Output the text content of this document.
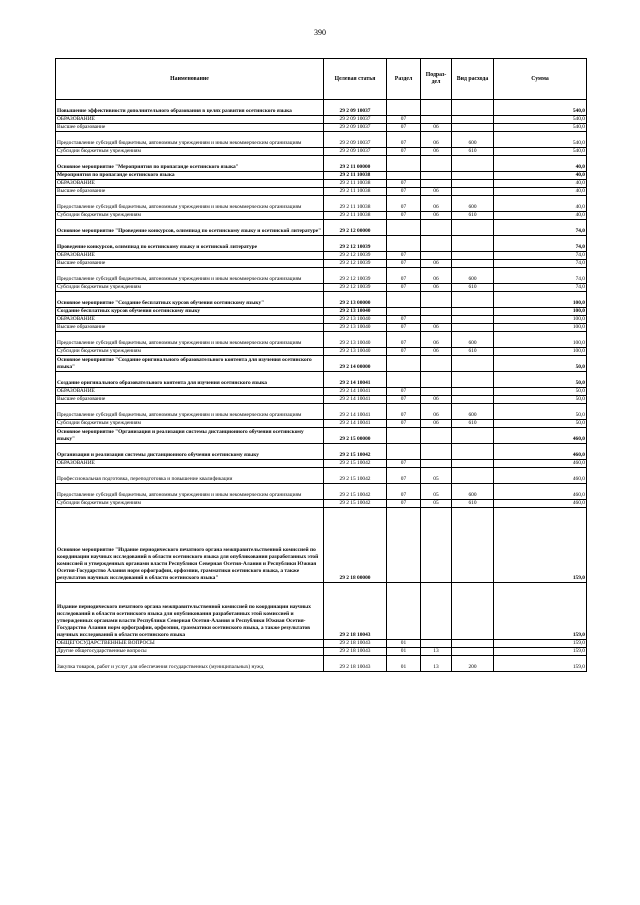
390
Наименование	Целевая статья	Раздел	Подраз-дел	Вид расхода	Сумма
Повышение эффективности дополнительного образования в целях развития осетинского языка	29 2 09 10037				540,0
ОБРАЗОВАНИЕ	29 2 09 10037	07			540,0
Высшее образование	29 2 09 10037	07	06		540,0
Предоставление субсидий бюджетным, автономным учреждениям и иным некоммерческим организациям	29 2 09 10037	07	06	600	540,0
Субсидии бюджетным учреждениям	29 2 09 10037	07	06	610	540,0
Основное мероприятие "Мероприятия по пропаганде осетинского языка"	29 2 11 00000				40,0
Мероприятия по пропаганде осетинского языка	29 2 11 10038				40,0
ОБРАЗОВАНИЕ	29 2 11 10038	07			40,0
Высшее образование	29 2 11 10038	07	06		40,0
Предоставление субсидий бюджетным, автономным учреждениям и иным некоммерческим организациям	29 2 11 10038	07	06	600	40,0
Субсидии бюджетным учреждениям	29 2 11 10038	07	06	610	40,0
Основное мероприятие "Проведение конкурсов, олимпиад по осетинскому языку и осетинской литературе"	29 2 12 00000				74,0
Проведение конкурсов, олимпиад по осетинскому языку и осетинской литературе	29 2 12 10039				74,0
ОБРАЗОВАНИЕ	29 2 12 10039	07			74,0
Высшее образование	29 2 12 10039	07	06		74,0
Предоставление субсидий бюджетным, автономным учреждениям и иным некоммерческим организациям	29 2 12 10039	07	06	600	74,0
Субсидии бюджетным учреждениям	29 2 12 10039	07	06	610	74,0
Основное мероприятие "Создание бесплатных курсов обучения осетинскому языку"	29 2 13 00000				100,0
Создание бесплатных курсов обучения осетинскому языку	29 2 13 10040				100,0
ОБРАЗОВАНИЕ	29 2 13 10040	07			100,0
Высшее образование	29 2 13 10040	07	06		100,0
Предоставление субсидий бюджетным, автономным учреждениям и иным некоммерческим организациям	29 2 13 10040	07	06	600	100,0
Субсидии бюджетным учреждениям	29 2 13 10040	07	06	610	100,0
Основное мероприятие "Создание оригинального образовательного контента для изучения осетинского языка"	29 2 14 00000				50,0
Создание оригинального образовательного контента для изучения осетинского языка	29 2 14 10041				50,0
ОБРАЗОВАНИЕ	29 2 14 10041	07			50,0
Высшее образование	29 2 14 10041	07	06		50,0
Предоставление субсидий бюджетным, автономным учреждениям и иным некоммерческим организациям	29 2 14 10041	07	06	600	50,0
Субсидии бюджетным учреждениям	29 2 14 10041	07	06	610	50,0
Основное мероприятие "Организация и реализация системы дистанционного обучения осетинскому языку"	29 2 15 00000				460,0
Организация и реализация системы дистанционного обучения осетинскому языку	29 2 15 10042				460,0
ОБРАЗОВАНИЕ	29 2 15 10042	07			460,0
Профессиональная подготовка, переподготовка и повышение квалификации	29 2 15 10042	07	05		460,0
Предоставление субсидий бюджетным, автономным учреждениям и иным некоммерческим организациям	29 2 15 10042	07	05	600	460,0
Субсидии бюджетным учреждениям	29 2 15 10042	07	05	610	460,0
Основное мероприятие "Издание периодического печатного органа межправительственной комиссией по координации научных исследований в области осетинского языка для опубликования разработанных этой комиссией и утвержденных органами власти Республики Северная Осетия-Алания и Республики Южная Осетия-Государство Алания норм орфографии, орфоэпии, грамматики осетинского языка, а также результатов научных исследований в области осетинского языка"	29 2 18 00000				159,0
Издание периодического печатного органа межправительственной комиссией по координации научных исследований в области осетинского языка для опубликования разработанных этой комиссией и утвержденных органами власти Республики Северная Осетия-Алания и Республики Южная Осетия-Государство Алания норм орфографии, орфоэпии, грамматики осетинского языка, а также результатов научных исследований в области осетинского языка	29 2 18 10043				159,0
ОБЩЕГОСУДАРСТВЕННЫЕ ВОПРОСЫ	29 2 18 10043	01			159,0
Другие общегосударственные вопросы	29 2 18 10043	01	13		159,0
Закупка товаров, работ и услуг для обеспечения государственных (муниципальных) нужд	29 2 18 10043	01	13	200	159,0
